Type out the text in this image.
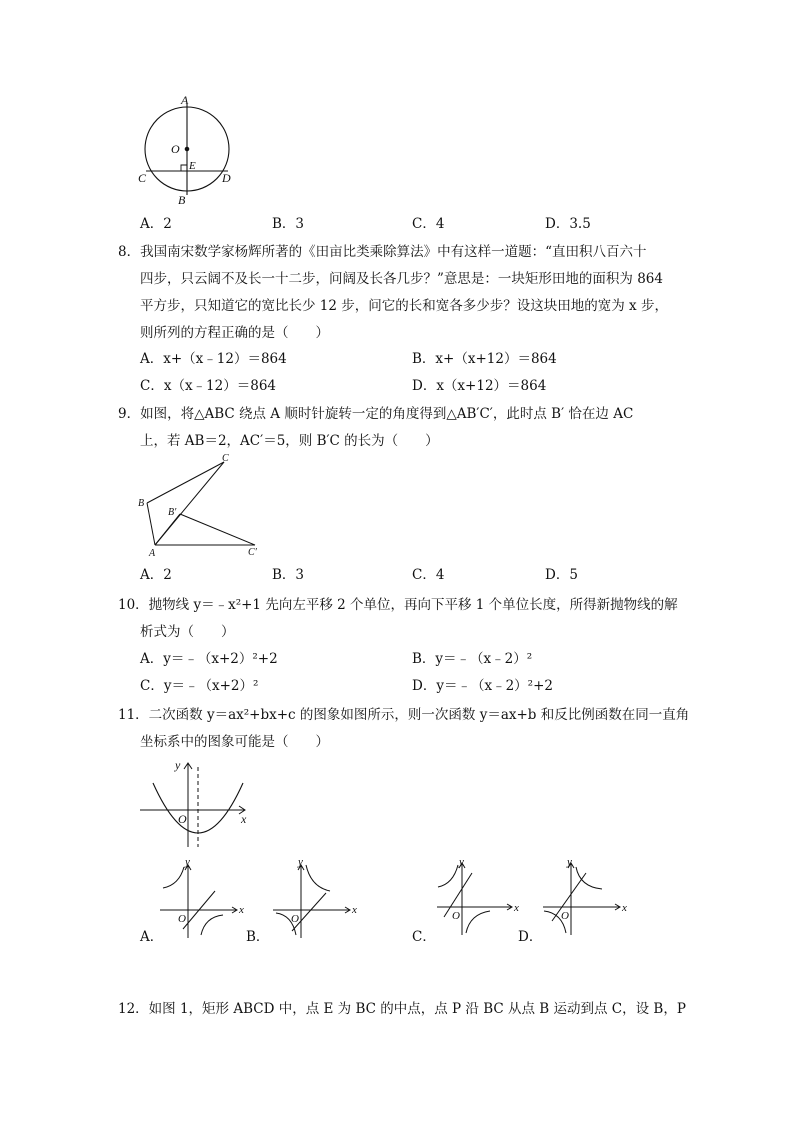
A
O
E
C	D
B
A．2	B．3	C．4	D．3.5
8．我国南宋数学家杨辉所著的《田亩比类乘除算法》中有这样一道题：“直田积八百六十
四步，只云阔不及长一十二步，问阔及长各几步？”意思是：一块矩形田地的面积为 864
平方步，只知道它的宽比长少 12 步，问它的长和宽各多少步？设这块田地的宽为 x 步，
则所列的方程正确的是（　　）
A．x+（x﹣12）＝864	B．x+（x+12）＝864
C．x（x﹣12）＝864	D．x（x+12）＝864
9．如图，将△ABC 绕点 A 顺时针旋转一定的角度得到△AB′C′，此时点 B′ 恰在边 AC
上，若 AB＝2，AC′＝5，则 B′C 的长为（　　）
C
B
B′
A	C′
A．2	B．3	C．4	D．5
10．抛物线 y＝﹣x²+1 先向左平移 2 个单位，再向下平移 1 个单位长度，所得新抛物线的解
析式为（　　）
A．y＝﹣（x+2）²+2	B．y＝﹣（x﹣2）²
C．y＝﹣（x+2）²	D．y＝﹣（x﹣2）²+2
11．二次函数 y＝ax²+bx+c 的图象如图所示，则一次函数 y＝ax+b 和反比例函数在同一直角
坐标系中的图象可能是（　　）
y
x
O
y
x
O
y
x
O
y
x
O
y
x
O
A．	B．	C．	D．
12．如图 1，矩形 ABCD 中，点 E 为 BC 的中点，点 P 沿 BC 从点 B 运动到点 C，设 B，P
